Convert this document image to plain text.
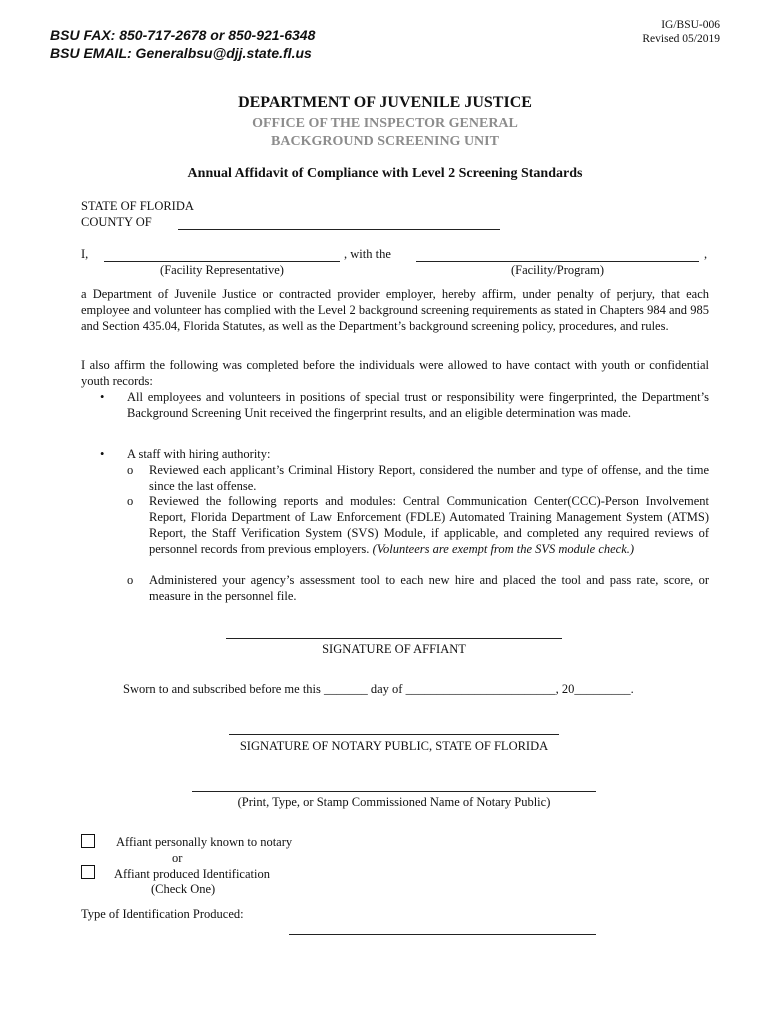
BSU FAX: 850-717-2678 or 850-921-6348
BSU EMAIL: Generalbsu@djj.state.fl.us
IG/BSU-006
Revised 05/2019
DEPARTMENT OF JUVENILE JUSTICE
OFFICE OF THE INSPECTOR GENERAL
BACKGROUND SCREENING UNIT
Annual Affidavit of Compliance with Level 2 Screening Standards
STATE OF FLORIDA
COUNTY OF
I,	, with the	,
(Facility Representative)	(Facility/Program)
a Department of Juvenile Justice or contracted provider employer, hereby affirm, under penalty of perjury, that each employee and volunteer has complied with the Level 2 background screening requirements as stated in Chapters 984 and 985 and Section 435.04, Florida Statutes, as well as the Department’s background screening policy, procedures, and rules.
I also affirm the following was completed before the individuals were allowed to have contact with youth or confidential youth records:
• All employees and volunteers in positions of special trust or responsibility were fingerprinted, the Department’s Background Screening Unit received the fingerprint results, and an eligible determination was made.
• A staff with hiring authority:
o Reviewed each applicant’s Criminal History Report, considered the number and type of offense, and the time since the last offense.
o Reviewed the following reports and modules: Central Communication Center(CCC)-Person Involvement Report, Florida Department of Law Enforcement (FDLE) Automated Training Management System (ATMS) Report, the Staff Verification System (SVS) Module, if applicable, and completed any required reviews of personnel records from previous employers. (Volunteers are exempt from the SVS module check.)
o Administered your agency’s assessment tool to each new hire and placed the tool and pass rate, score, or measure in the personnel file.
SIGNATURE OF AFFIANT
Sworn to and subscribed before me this _______ day of ________________________, 20_________.
SIGNATURE OF NOTARY PUBLIC, STATE OF FLORIDA
(Print, Type, or Stamp Commissioned Name of Notary Public)
Affiant personally known to notary
or
Affiant produced Identification
(Check One)
Type of Identification Produced:
